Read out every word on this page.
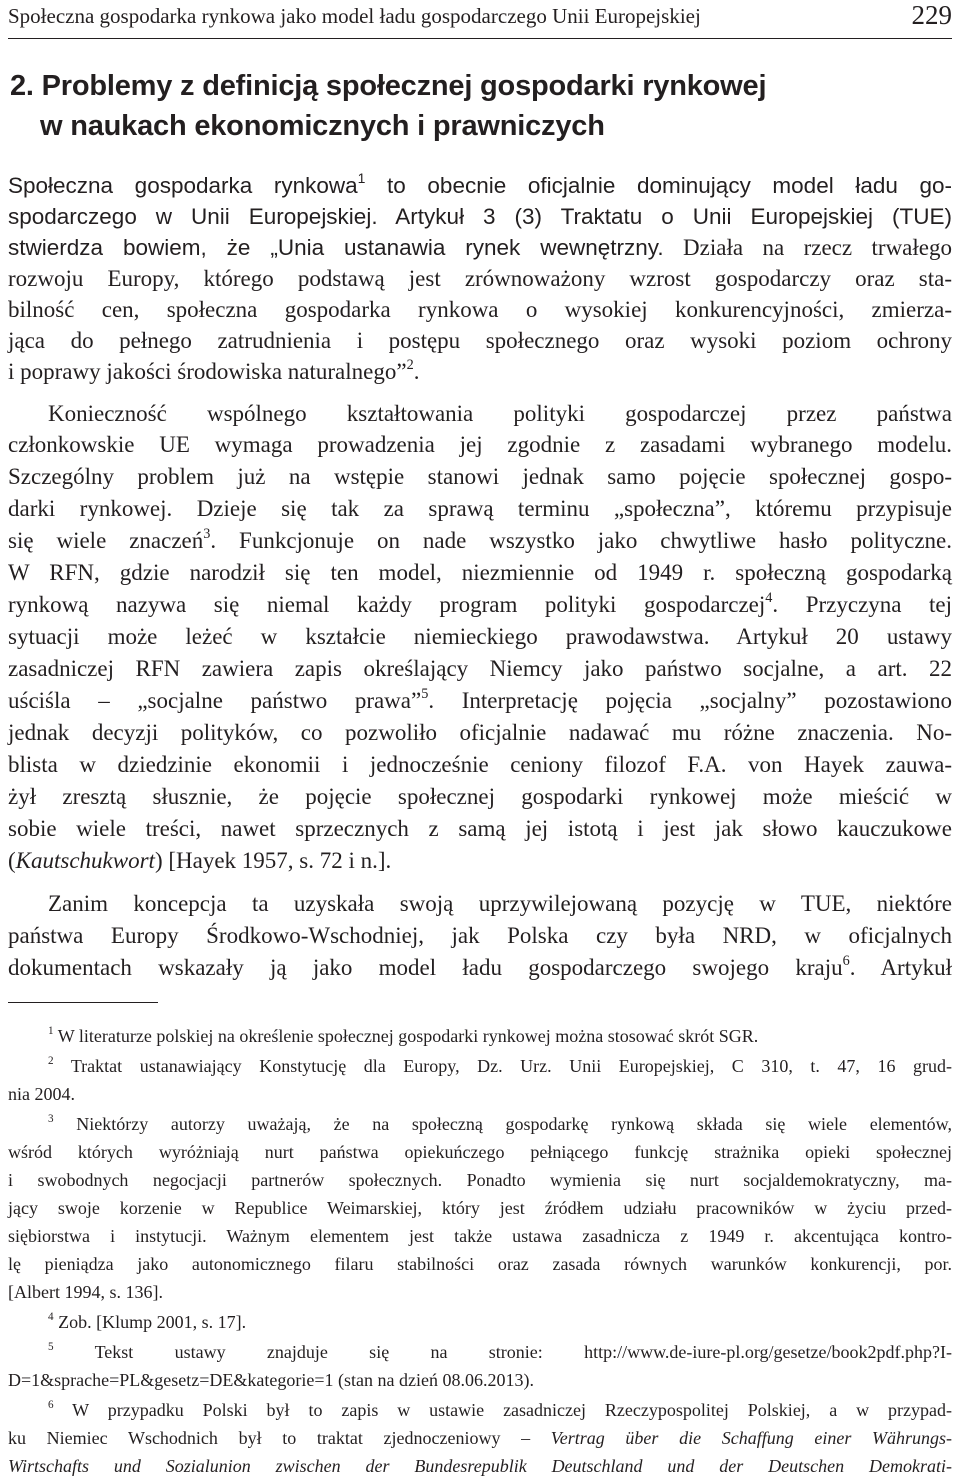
Społeczna gospodarka rynkowa jako model ładu gospodarczego Unii Europejskiej	229
2. Problemy z definicją społecznej gospodarki rynkowej
w naukach ekonomicznych i prawniczych
Społeczna gospodarka rynkowa$^1$ to obecnie oficjalnie dominujący model ładu go-
spodarczego w Unii Europejskiej. Artykuł 3 (3) Traktatu o Unii Europejskiej (TUE)
stwierdza bowiem, że „Unia ustanawia rynek wewnętrzny. Działa na rzecz trwałego
rozwoju Europy, którego podstawą jest zrównoważony wzrost gospodarczy oraz sta-
bilność cen, społeczna gospodarka rynkowa o wysokiej konkurencyjności, zmierza-
jąca do pełnego zatrudnienia i postępu społecznego oraz wysoki poziom ochrony
i poprawy jakości środowiska naturalnego”$^2$.
Konieczność wspólnego kształtowania polityki gospodarczej przez państwa
członkowskie UE wymaga prowadzenia jej zgodnie z zasadami wybranego modelu.
Szczególny problem już na wstępie stanowi jednak samo pojęcie społecznej gospo-
darki rynkowej. Dzieje się tak za sprawą terminu „społeczna”, któremu przypisuje
się wiele znaczeń$^3$. Funkcjonuje on nade wszystko jako chwytliwe hasło polityczne.
W RFN, gdzie narodził się ten model, niezmiennie od 1949 r. społeczną gospodarką
rynkową nazywa się niemal każdy program polityki gospodarczej$^4$. Przyczyna tej
sytuacji może leżeć w kształcie niemieckiego prawodawstwa. Artykuł 20 ustawy
zasadniczej RFN zawiera zapis określający Niemcy jako państwo socjalne, a art. 22
uściśla – „socjalne państwo prawa”$^5$. Interpretację pojęcia „socjalny” pozostawiono
jednak decyzji polityków, co pozwoliło oficjalnie nadawać mu różne znaczenia. No-
blista w dziedzinie ekonomii i jednocześnie ceniony filozof F.A. von Hayek zauwa-
żył zresztą słusznie, że pojęcie społecznej gospodarki rynkowej może mieścić w
sobie wiele treści, nawet sprzecznych z samą jej istotą i jest jak słowo kauczukowe
(Kautschukwort) [Hayek 1957, s. 72 i n.].
Zanim koncepcja ta uzyskała swoją uprzywilejowaną pozycję w TUE, niektóre
państwa Europy Środkowo-Wschodniej, jak Polska czy była NRD, w oficjalnych
dokumentach wskazały ją jako model ładu gospodarczego swojego kraju$^6$. Artykuł
$^1$ W literaturze polskiej na określenie społecznej gospodarki rynkowej można stosować skrót SGR.
$^2$ Traktat ustanawiający Konstytucję dla Europy, Dz. Urz. Unii Europejskiej, C 310, t. 47, 16 grud-
nia 2004.
$^3$ Niektórzy autorzy uważają, że na społeczną gospodarkę rynkową składa się wiele elementów,
wśród których wyróżniają nurt państwa opiekuńczego pełniącego funkcję strażnika opieki społecznej
i swobodnych negocjacji partnerów społecznych. Ponadto wymienia się nurt socjaldemokratyczny, ma-
jący swoje korzenie w Republice Weimarskiej, który jest źródłem udziału pracowników w życiu przed-
siębiorstwa i instytucji. Ważnym elementem jest także ustawa zasadnicza z 1949 r. akcentująca kontro-
lę pieniądza jako autonomicznego filaru stabilności oraz zasada równych warunków konkurencji, por.
[Albert 1994, s. 136].
$^4$ Zob. [Klump 2001, s. 17].
$^5$ Tekst ustawy znajduje się na stronie: http://www.de-iure-pl.org/gesetze/book2pdf.php?I-
D=1&sprache=PL&gesetz=DE&kategorie=1 (stan na dzień 08.06.2013).
$^6$ W przypadku Polski był to zapis w ustawie zasadniczej Rzeczypospolitej Polskiej, a w przypad-
ku Niemiec Wschodnich był to traktat zjednoczeniowy – Vertrag über die Schaffung einer Währungs-
Wirtschafts und Sozialunion zwischen der Bundesrepublik Deutschland und der Deutschen Demokrati-
